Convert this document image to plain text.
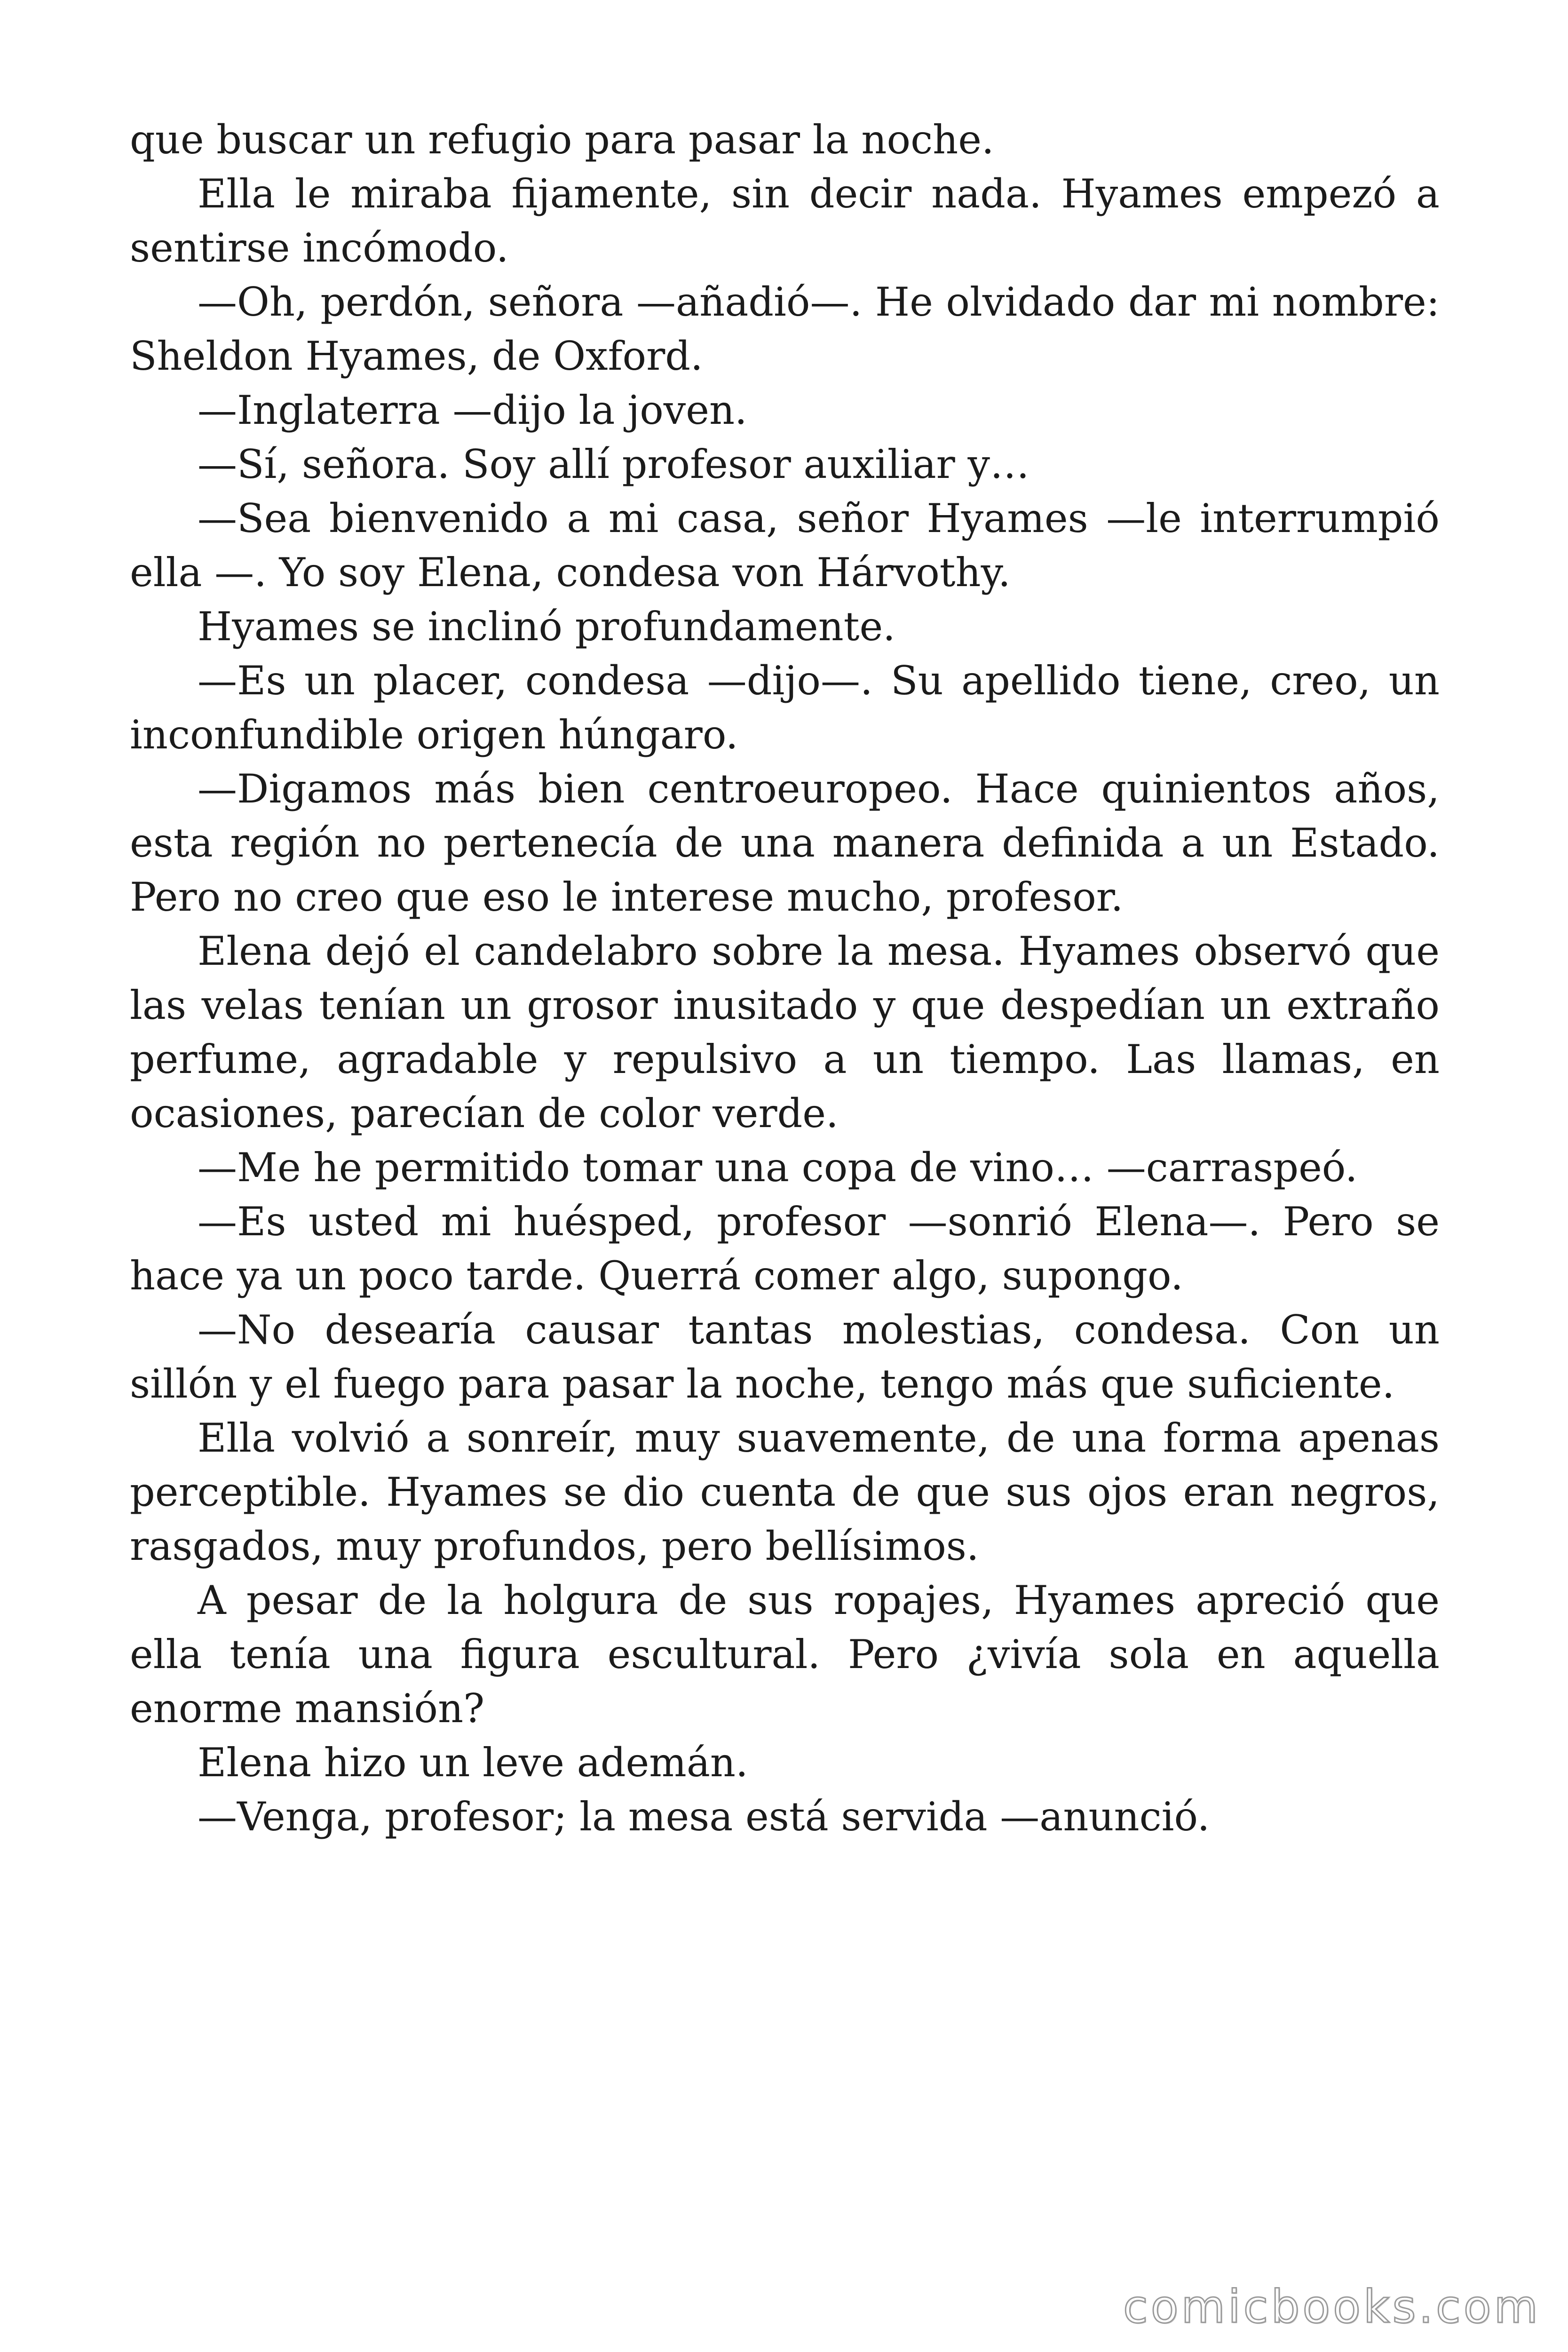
que buscar un refugio para pasar la noche.

Ella le miraba fijamente, sin decir nada. Hyames empezó a sentirse incómodo.

—Oh, perdón, señora —añadió—. He olvidado dar mi nombre: Sheldon Hyames, de Oxford.

—Inglaterra —dijo la joven.

—Sí, señora. Soy allí profesor auxiliar y…

—Sea bienvenido a mi casa, señor Hyames —le interrumpió ella —. Yo soy Elena, condesa von Hárvothy.

Hyames se inclinó profundamente.

—Es un placer, condesa —dijo—. Su apellido tiene, creo, un inconfundible origen húngaro.

—Digamos más bien centroeuropeo. Hace quinientos años, esta región no pertenecía de una manera definida a un Estado. Pero no creo que eso le interese mucho, profesor.

Elena dejó el candelabro sobre la mesa. Hyames observó que las velas tenían un grosor inusitado y que despedían un extraño perfume, agradable y repulsivo a un tiempo. Las llamas, en ocasiones, parecían de color verde.

—Me he permitido tomar una copa de vino… —carraspeó.

—Es usted mi huésped, profesor —sonrió Elena—. Pero se hace ya un poco tarde. Querrá comer algo, supongo.

—No desearía causar tantas molestias, condesa. Con un sillón y el fuego para pasar la noche, tengo más que suficiente.

Ella volvió a sonreír, muy suavemente, de una forma apenas perceptible. Hyames se dio cuenta de que sus ojos eran negros, rasgados, muy profundos, pero bellísimos.

A pesar de la holgura de sus ropajes, Hyames apreció que ella tenía una figura escultural. Pero ¿vivía sola en aquella enorme mansión?

Elena hizo un leve ademán.

—Venga, profesor; la mesa está servida —anunció.

comicbooks.com
